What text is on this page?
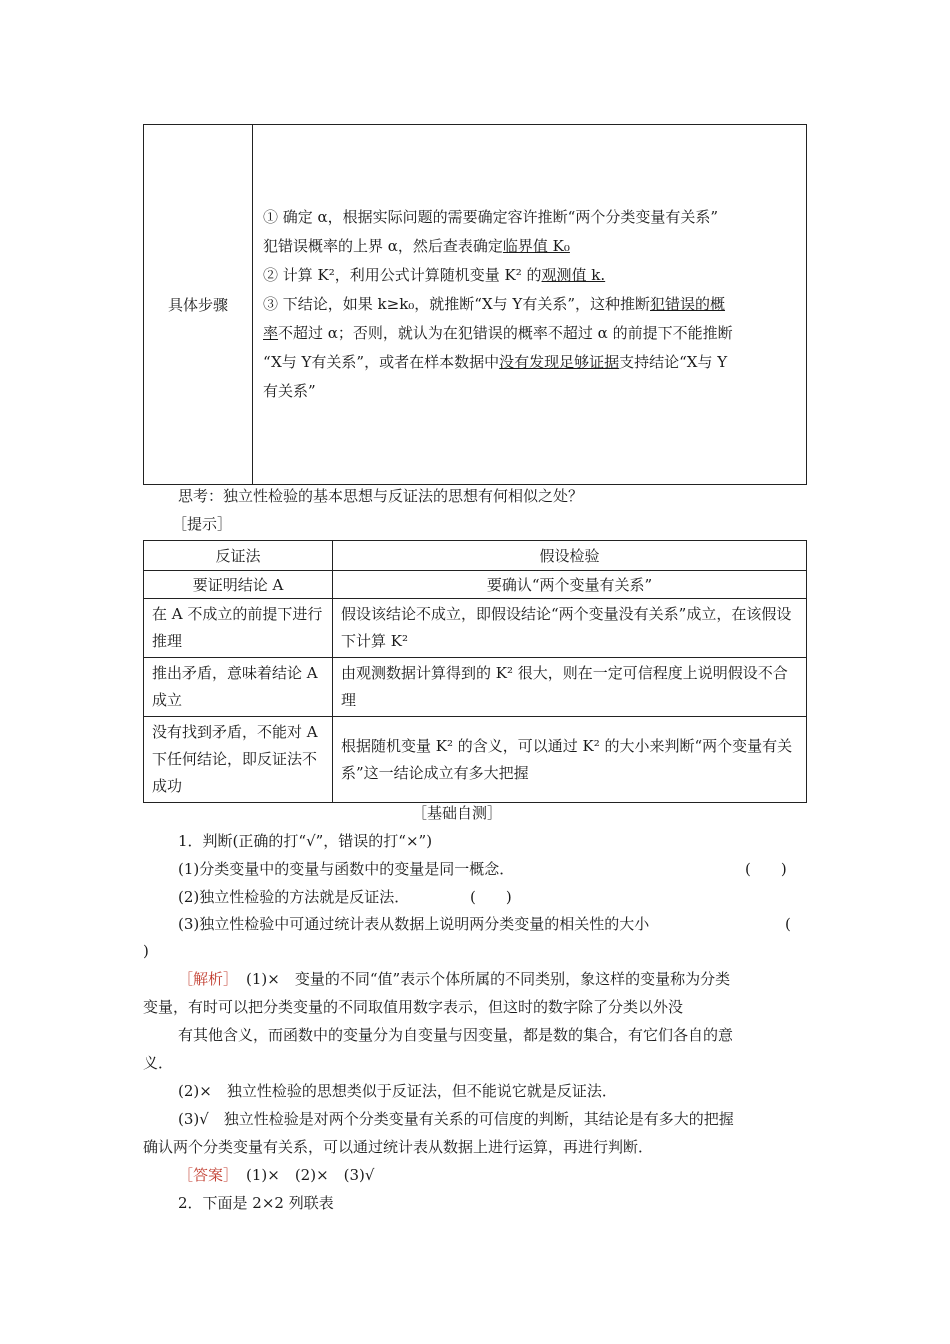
具体步骤	
① 确定 α，根据实际问题的需要确定容许推断“两个分类变量有关系”
犯错误概率的上界 α，然后查表确定临界值 K₀
② 计算 K²，利用公式计算随机变量 K² 的观测值 k.
③ 下结论，如果 k≥k₀，就推断“X与 Y有关系”，这种推断犯错误的概
率不超过 α；否则，就认为在犯错误的概率不超过 α 的前提下不能推断
“X与 Y有关系”，或者在样本数据中没有发现足够证据支持结论“X与 Y
有关系”
思考：独立性检验的基本思想与反证法的思想有何相似之处？
［提示］
反证法	假设检验
要证明结论 A	要确认“两个变量有关系”
在 A 不成立的前提下进行推理	假设该结论不成立，即假设结论“两个变量没有关系”成立，在该假设下计算 K²
推出矛盾，意味着结论 A 成立	由观测数据计算得到的 K² 很大，则在一定可信程度上说明假设不合理
没有找到矛盾，不能对 A 下任何结论，即反证法不成功	根据随机变量 K² 的含义，可以通过 K² 的大小来判断“两个变量有关系”这一结论成立有多大把握
［基础自测］
1．判断(正确的打“√”，错误的打“×”)
(1)分类变量中的变量与函数中的变量是同一概念．	(　　)
(2)独立性检验的方法就是反证法．	(　　)
(3)独立性检验中可通过统计表从数据上说明两分类变量的相关性的大小	(
)
［解析］ (1)×　变量的不同“值”表示个体所属的不同类别，象这样的变量称为分类
变量，有时可以把分类变量的不同取值用数字表示，但这时的数字除了分类以外没
有其他含义，而函数中的变量分为自变量与因变量，都是数的集合，有它们各自的意
义．
(2)×　独立性检验的思想类似于反证法，但不能说它就是反证法．
(3)√　独立性检验是对两个分类变量有关系的可信度的判断，其结论是有多大的把握
确认两个分类变量有关系，可以通过统计表从数据上进行运算，再进行判断．
［答案］ (1)×　(2)×　(3)√
2．下面是 2×2 列联表
